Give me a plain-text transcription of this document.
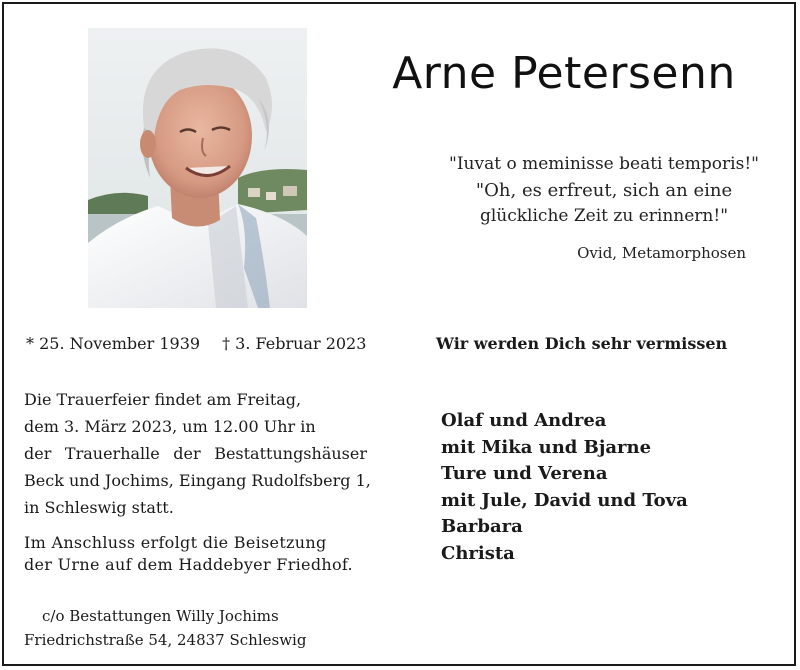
Arne Petersenn
"Iuvat o meminisse beati temporis!"
"Oh, es erfreut, sich an eine
glückliche Zeit zu erinnern!"
Ovid, Metamorphosen
* 25. November 1939 † 3. Februar 2023	Wir werden Dich sehr vermissen
Die Trauerfeier findet am Freitag,
dem 3. März 2023, um 12.00 Uhr in
der Trauerhalle der Bestattungshäuser
Beck und Jochims, Eingang Rudolfsberg 1,
in Schleswig statt.
Im Anschluss erfolgt die Beisetzung
der Urne auf dem Haddebyer Friedhof.
Olaf und Andrea
mit Mika und Bjarne
Ture und Verena
mit Jule, David und Tova
Barbara
Christa
c/o Bestattungen Willy Jochims
Friedrichstraße 54, 24837 Schleswig
